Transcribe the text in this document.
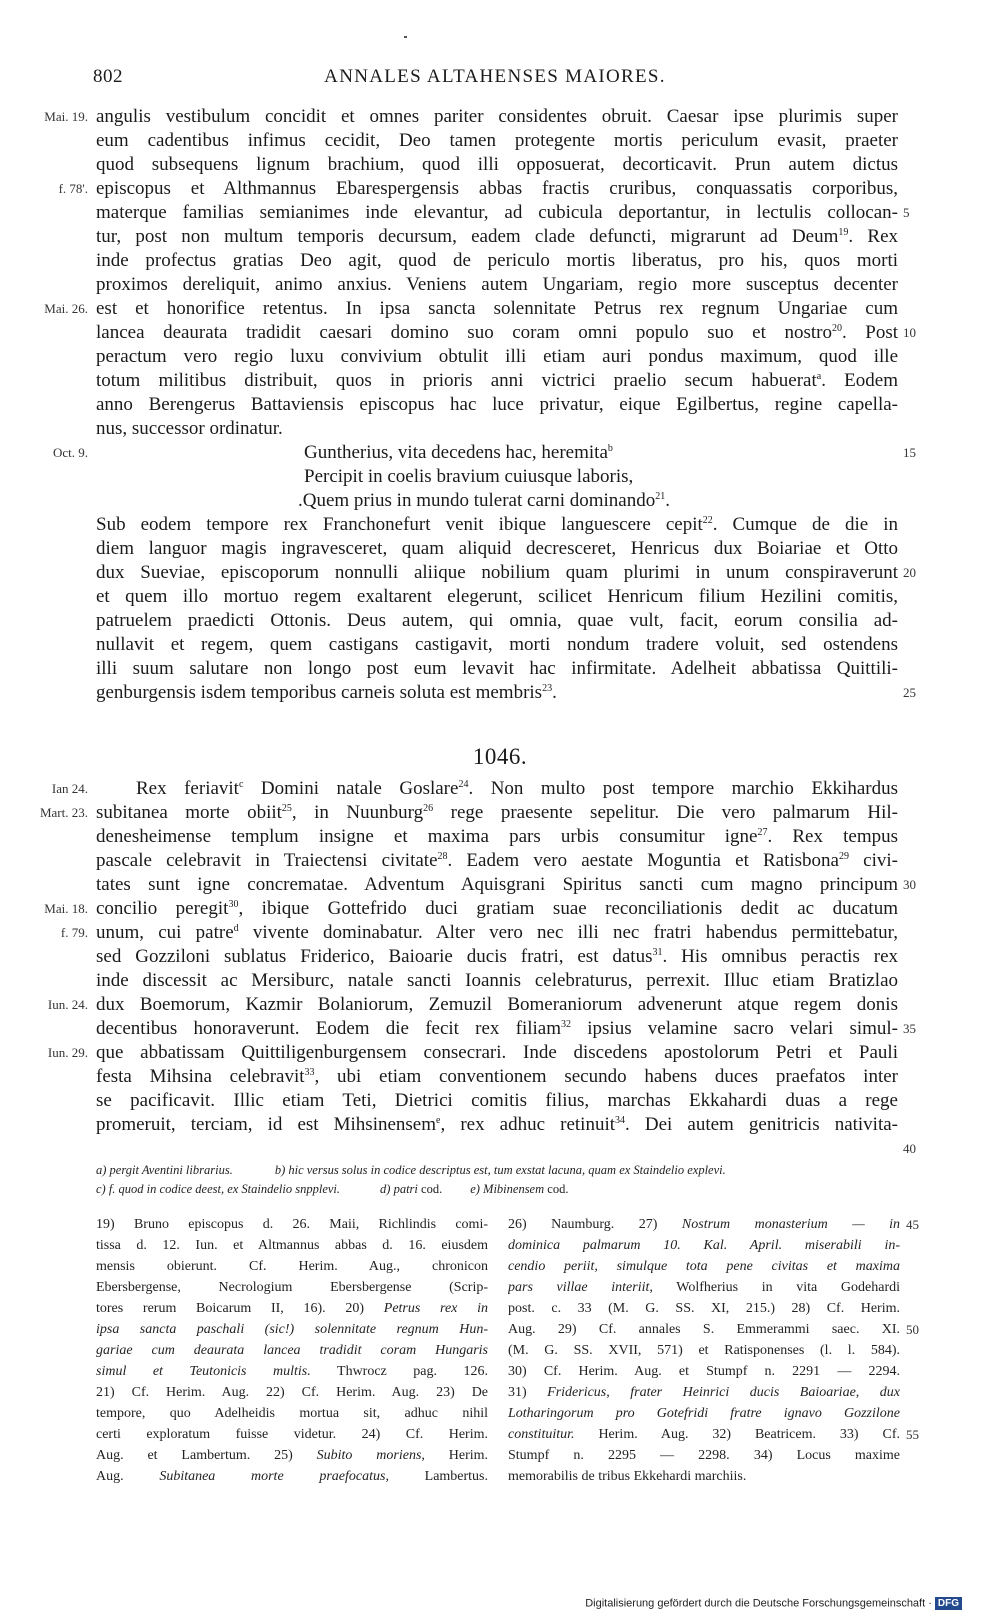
802	ANNALES ALTAHENSES MAIORES.
Mai. 19.
f. 78'.
Mai. 26.
Oct. 9.
Ian 24.
Mart. 23.
Mai. 18.
f. 79.
Iun. 24.
Iun. 29.
5
10
15
20
25
30
35
40
angulis vestibulum concidit et omnes pariter considentes obruit. Caesar ipse plurimis super
eum cadentibus infimus cecidit, Deo tamen protegente mortis periculum evasit, praeter
quod subsequens lignum brachium, quod illi opposuerat, decorticavit. Prun autem dictus
episcopus et Althmannus Ebarespergensis abbas fractis cruribus, conquassatis corporibus,
materque familias semianimes inde elevantur, ad cubicula deportantur, in lectulis collocan-
tur, post non multum temporis decursum, eadem clade defuncti, migrarunt ad Deum$^{19}$. Rex
inde profectus gratias Deo agit, quod de periculo mortis liberatus, pro his, quos morti
proximos dereliquit, animo anxius. Veniens autem Ungariam, regio more susceptus decenter
est et honorifice retentus. In ipsa sancta solennitate Petrus rex regnum Ungariae cum
lancea deaurata tradidit caesari domino suo coram omni populo suo et nostro$^{20}$. Post
peractum vero regio luxu convivium obtulit illi etiam auri pondus maximum, quod ille
totum militibus distribuit, quos in prioris anni victrici praelio secum habuerat$^a$. Eodem
anno Berengerus Battaviensis episcopus hac luce privatur, eique Egilbertus, regine capella-
nus, successor ordinatur.
Guntherius, vita decedens hac, heremita$^b$
Percipit in coelis bravium cuiusque laboris,
.Quem prius in mundo tulerat carni dominando$^{21}$.
Sub eodem tempore rex Franchonefurt venit ibique languescere cepit$^{22}$. Cumque de die in
diem languor magis ingravesceret, quam aliquid decresceret, Henricus dux Boiariae et Otto
dux Sueviae, episcoporum nonnulli aliique nobilium quam plurimi in unum conspiraverunt
et quem illo mortuo regem exaltarent elegerunt, scilicet Henricum filium Hezilini comitis,
patruelem praedicti Ottonis. Deus autem, qui omnia, quae vult, facit, eorum consilia ad-
nullavit et regem, quem castigans castigavit, morti nondum tradere voluit, sed ostendens
illi suum salutare non longo post eum levavit hac infirmitate. Adelheit abbatissa Quittili-
genburgensis isdem temporibus carneis soluta est membris$^{23}$.
1046.
Rex feriavit$^c$ Domini natale Goslare$^{24}$. Non multo post tempore marchio Ekkihardus
subitanea morte obiit$^{25}$, in Nuunburg$^{26}$ rege praesente sepelitur. Die vero palmarum Hil-
denesheimense templum insigne et maxima pars urbis consumitur igne$^{27}$. Rex tempus
pascale celebravit in Traiectensi civitate$^{28}$. Eadem vero aestate Moguntia et Ratisbona$^{29}$ civi-
tates sunt igne concrematae. Adventum Aquisgrani Spiritus sancti cum magno principum
concilio peregit$^{30}$, ibique Gottefrido duci gratiam suae reconciliationis dedit ac ducatum
unum, cui patre$^d$ vivente dominabatur. Alter vero nec illi nec fratri habendus permittebatur,
sed Gozziloni sublatus Friderico, Baioarie ducis fratri, est datus$^{31}$. His omnibus peractis rex
inde discessit ac Mersiburc, natale sancti Ioannis celebraturus, perrexit. Illuc etiam Bratizlao
dux Boemorum, Kazmir Bolaniorum, Zemuzil Bomeraniorum advenerunt atque regem donis
decentibus honoraverunt. Eodem die fecit rex filiam$^{32}$ ipsius velamine sacro velari simul-
que abbatissam Quittiligenburgensem consecrari. Inde discedens apostolorum Petri et Pauli
festa Mihsina celebravit$^{33}$, ubi etiam conventionem secundo habens duces praefatos inter
se pacificavit. Illic etiam Teti, Dietrici comitis filius, marchas Ekkahardi duas a rege
promeruit, terciam, id est Mihsinensem$^e$, rex adhuc retinuit$^{34}$. Dei autem genitricis nativita-
a) pergit Aventini librarius.	b) hic versus solus in codice descriptus est, tum exstat lacuna, quam ex Staindelio explevi.
c) f. quod in codice deest, ex Staindelio snpplevi.	d) patri cod. e) Mibinensem cod.
45
50
55
19) Bruno episcopus d. 26. Maii, Richlindis comi-
tissa d. 12. Iun. et Altmannus abbas d. 16. eiusdem
mensis obierunt. Cf. Herim. Aug., chronicon
Ebersbergense, Necrologium Ebersbergense (Scrip-
tores rerum Boicarum II, 16). 20) Petrus rex in
ipsa sancta paschali (sic!) solennitate regnum Hun-
gariae cum deaurata lancea tradidit coram Hungaris
simul et Teutonicis multis. Thwrocz pag. 126.
21) Cf. Herim. Aug. 22) Cf. Herim. Aug. 23) De
tempore, quo Adelheidis mortua sit, adhuc nihil
certi exploratum fuisse videtur. 24) Cf. Herim.
Aug. et Lambertum. 25) Subito moriens, Herim.
Aug.	Subitanea morte praefocatus,	Lambertus.
26) Naumburg. 27) Nostrum monasterium — in
dominica palmarum 10. Kal. April. miserabili in-
cendio periit, simulque tota pene civitas et maxima
pars villae interiit, Wolfherius in vita Godehardi
post. c. 33 (M. G. SS. XI, 215.) 28) Cf. Herim.
Aug. 29) Cf. annales S. Emmerammi saec. XI.
(M. G. SS. XVII, 571) et Ratisponenses (l. l. 584).
30) Cf. Herim. Aug. et Stumpf n. 2291 — 2294.
31) Fridericus, frater Heinrici ducis Baioariae, dux
Lotharingorum pro Gotefridi fratre ignavo Gozzilone
constituitur. Herim. Aug. 32) Beatricem. 33) Cf.
Stumpf n. 2295 — 2298. 34) Locus maxime
memorabilis de tribus Ekkehardi marchiis.
Digitalisierung gefördert durch die Deutsche Forschungsgemeinschaft · DFG
